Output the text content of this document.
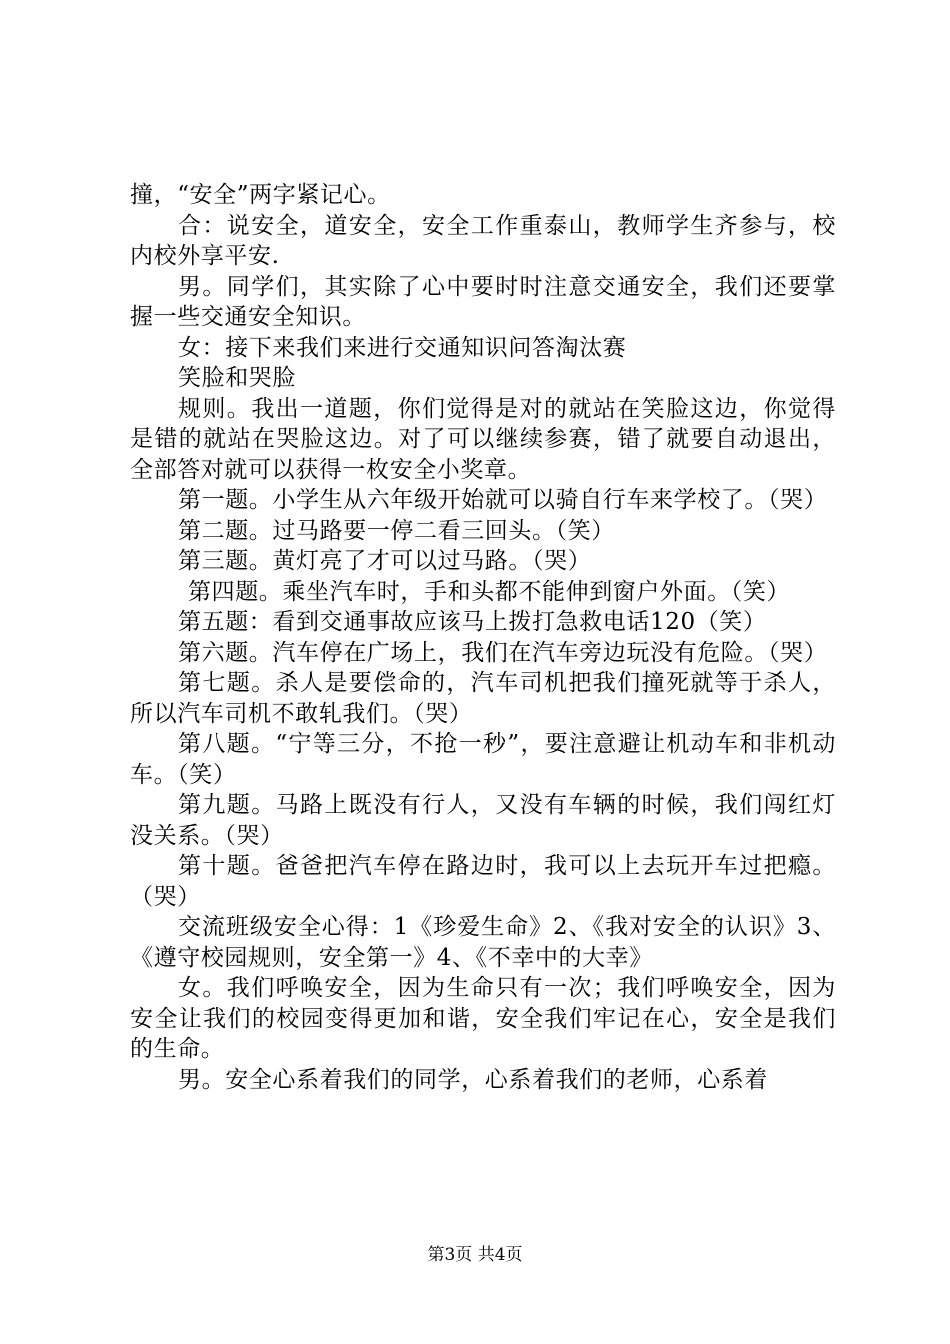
撞，“安全”两字紧记心。

合：说安全，道安全，安全工作重泰山，教师学生齐参与，校内校外享平安.

男。同学们，其实除了心中要时时注意交通安全，我们还要掌握一些交通安全知识。

女：接下来我们来进行交通知识问答淘汰赛

笑脸和哭脸

规则。我出一道题，你们觉得是对的就站在笑脸这边，你觉得是错的就站在哭脸这边。对了可以继续参赛，错了就要自动退出，全部答对就可以获得一枚安全小奖章。

第一题。小学生从六年级开始就可以骑自行车来学校了。（哭）

第二题。过马路要一停二看三回头。（笑）

第三题。黄灯亮了才可以过马路。（哭）

第四题。乘坐汽车时，手和头都不能伸到窗户外面。（笑）

第五题：看到交通事故应该马上拨打急救电话120（笑）

第六题。汽车停在广场上，我们在汽车旁边玩没有危险。（哭）

第七题。杀人是要偿命的，汽车司机把我们撞死就等于杀人，所以汽车司机不敢轧我们。（哭）

第八题。“宁等三分，不抢一秒”，要注意避让机动车和非机动车。（笑）

第九题。马路上既没有行人，又没有车辆的时候，我们闯红灯没关系。（哭）

第十题。爸爸把汽车停在路边时，我可以上去玩开车过把瘾。（哭）

交流班级安全心得：1《珍爱生命》2、《我对安全的认识》3、《遵守校园规则，安全第一》4、《不幸中的大幸》

女。我们呼唤安全，因为生命只有一次；我们呼唤安全，因为安全让我们的校园变得更加和谐，安全我们牢记在心，安全是我们的生命。

男。安全心系着我们的同学，心系着我们的老师，心系着

第3页 共4页
